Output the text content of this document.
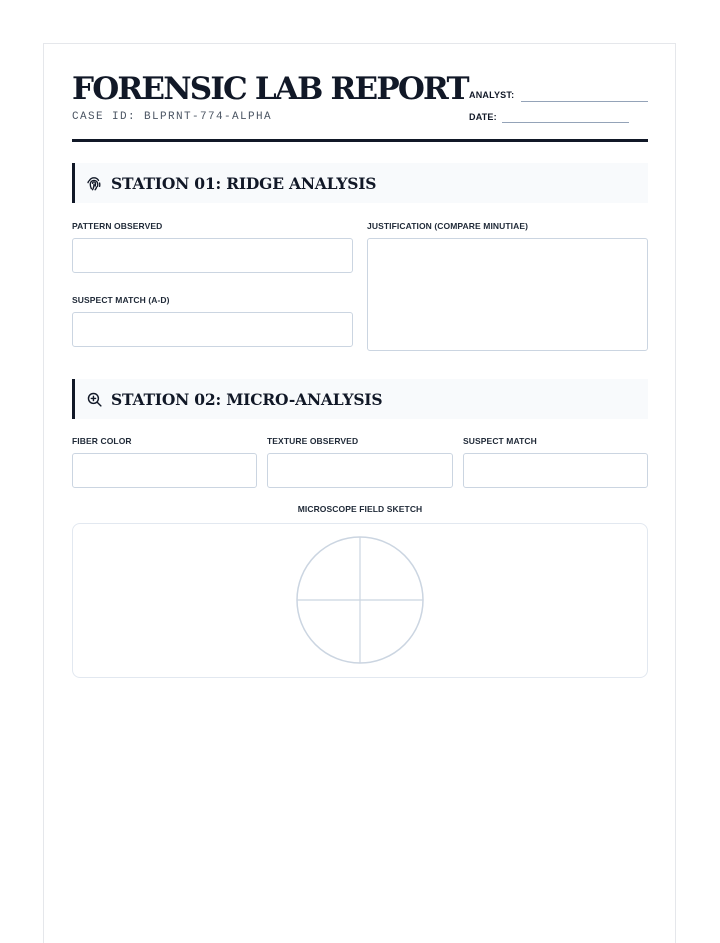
FORENSIC LAB REPORT
CASE ID: BLPRNT-774-ALPHA
ANALYST:
DATE:
STATION 01: RIDGE ANALYSIS
PATTERN OBSERVED
SUSPECT MATCH (A-D)
JUSTIFICATION (COMPARE MINUTIAE)
STATION 02: MICRO-ANALYSIS
FIBER COLOR	TEXTURE OBSERVED	SUSPECT MATCH
MICROSCOPE FIELD SKETCH
